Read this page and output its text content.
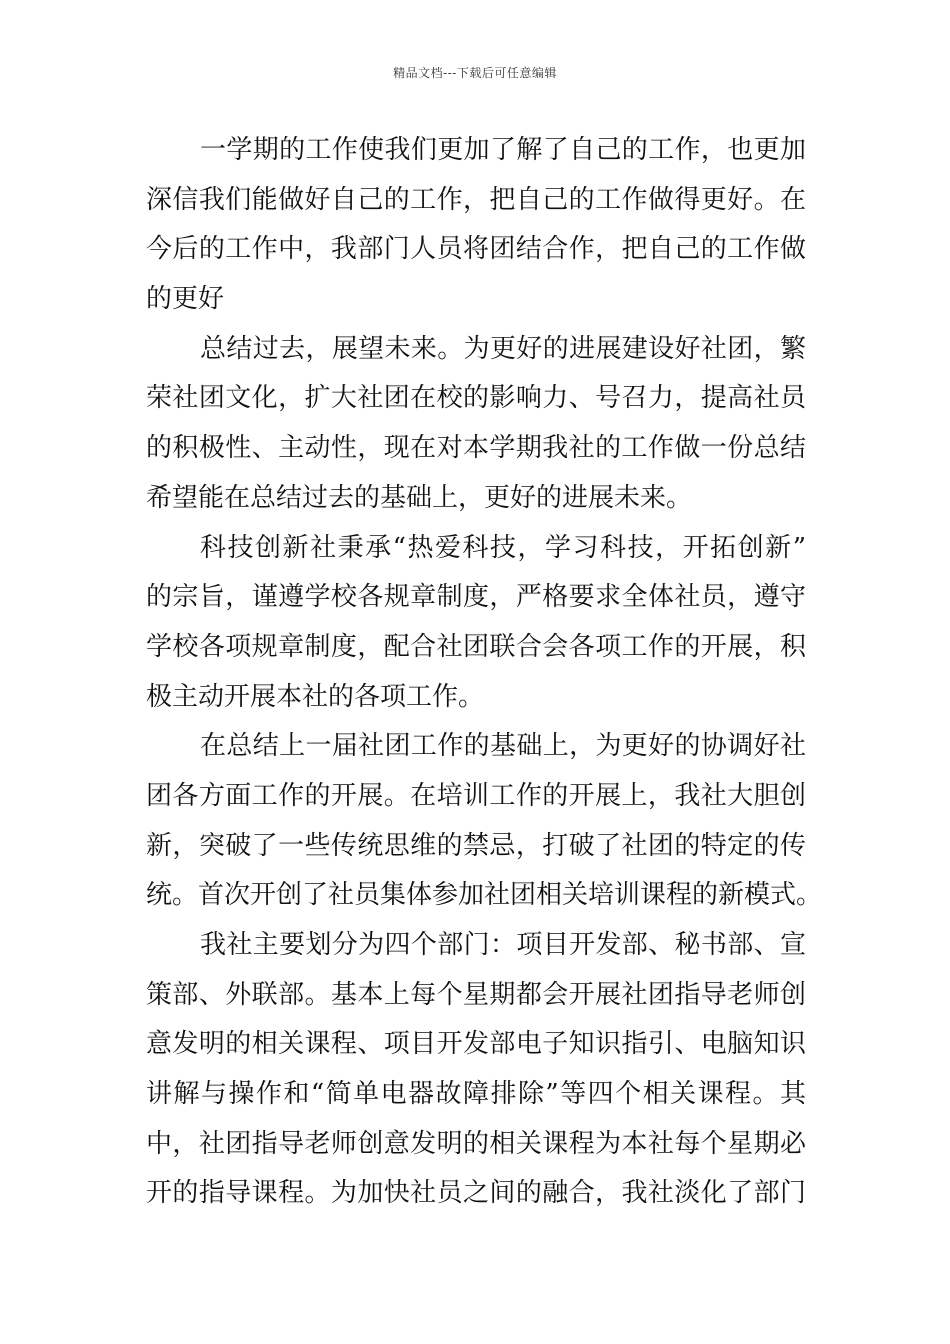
精品文档---下载后可任意编辑
一学期的工作使我们更加了解了自己的工作，也更加
深信我们能做好自己的工作，把自己的工作做得更好。在
今后的工作中，我部门人员将团结合作，把自己的工作做
的更好
总结过去，展望未来。为更好的进展建设好社团，繁
荣社团文化，扩大社团在校的影响力、号召力，提高社员
的积极性、主动性，现在对本学期我社的工作做一份总结
希望能在总结过去的基础上，更好的进展未来。
科技创新社秉承“热爱科技，学习科技，开拓创新”
的宗旨，谨遵学校各规章制度，严格要求全体社员，遵守
学校各项规章制度，配合社团联合会各项工作的开展，积
极主动开展本社的各项工作。
在总结上一届社团工作的基础上，为更好的协调好社
团各方面工作的开展。在培训工作的开展上，我社大胆创
新，突破了一些传统思维的禁忌，打破了社团的特定的传
统。首次开创了社员集体参加社团相关培训课程的新模式。
我社主要划分为四个部门：项目开发部、秘书部、宣
策部、外联部。基本上每个星期都会开展社团指导老师创
意发明的相关课程、项目开发部电子知识指引、电脑知识
讲解与操作和“简单电器故障排除”等四个相关课程。其
中，社团指导老师创意发明的相关课程为本社每个星期必
开的指导课程。为加快社员之间的融合，我社淡化了部门
